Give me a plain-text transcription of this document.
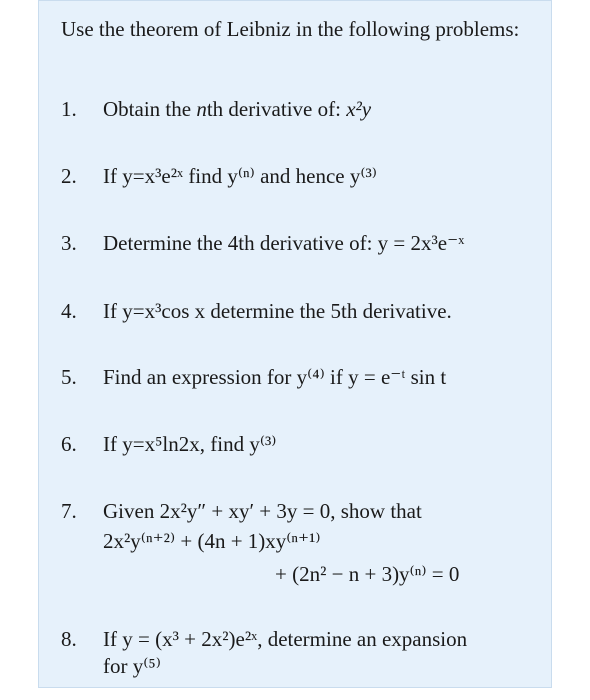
Use the theorem of Leibniz in the following problems:
1. Obtain the nth derivative of: x²y
2. If y=x³e²ˣ find y⁽ⁿ⁾ and hence y⁽³⁾
3. Determine the 4th derivative of: y = 2x³e⁻ˣ
4. If y=x³cos x determine the 5th derivative.
5. Find an expression for y⁽⁴⁾ if y = e⁻ᵗ sin t
6. If y=x⁵ln2x, find y⁽³⁾
7. Given 2x²y″ + xy′ + 3y = 0, show that
2x²y⁽ⁿ⁺²⁾ + (4n + 1)xy⁽ⁿ⁺¹⁾
+ (2n² − n + 3)y⁽ⁿ⁾ = 0
8. If y = (x³ + 2x²)e²ˣ, determine an expansion
for y⁽⁵⁾
